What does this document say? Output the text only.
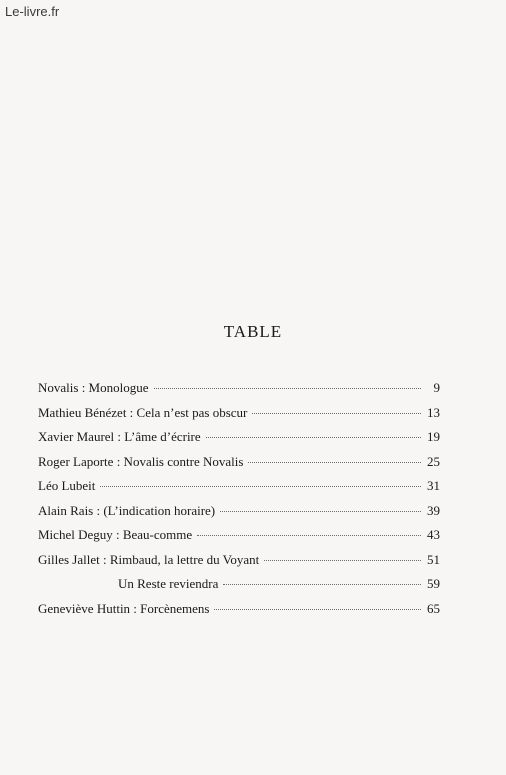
Le-livre.fr
TABLE
Novalis : Monologue	9
Mathieu Bénézet : Cela n’est pas obscur	13
Xavier Maurel : L’âme d’écrire	19
Roger Laporte : Novalis contre Novalis	25
Léo Lubeit	31
Alain Rais : (L’indication horaire)	39
Michel Deguy : Beau-comme	43
Gilles Jallet : Rimbaud, la lettre du Voyant	51
Un Reste reviendra	59
Geneviève Huttin : Forcènemens	65
